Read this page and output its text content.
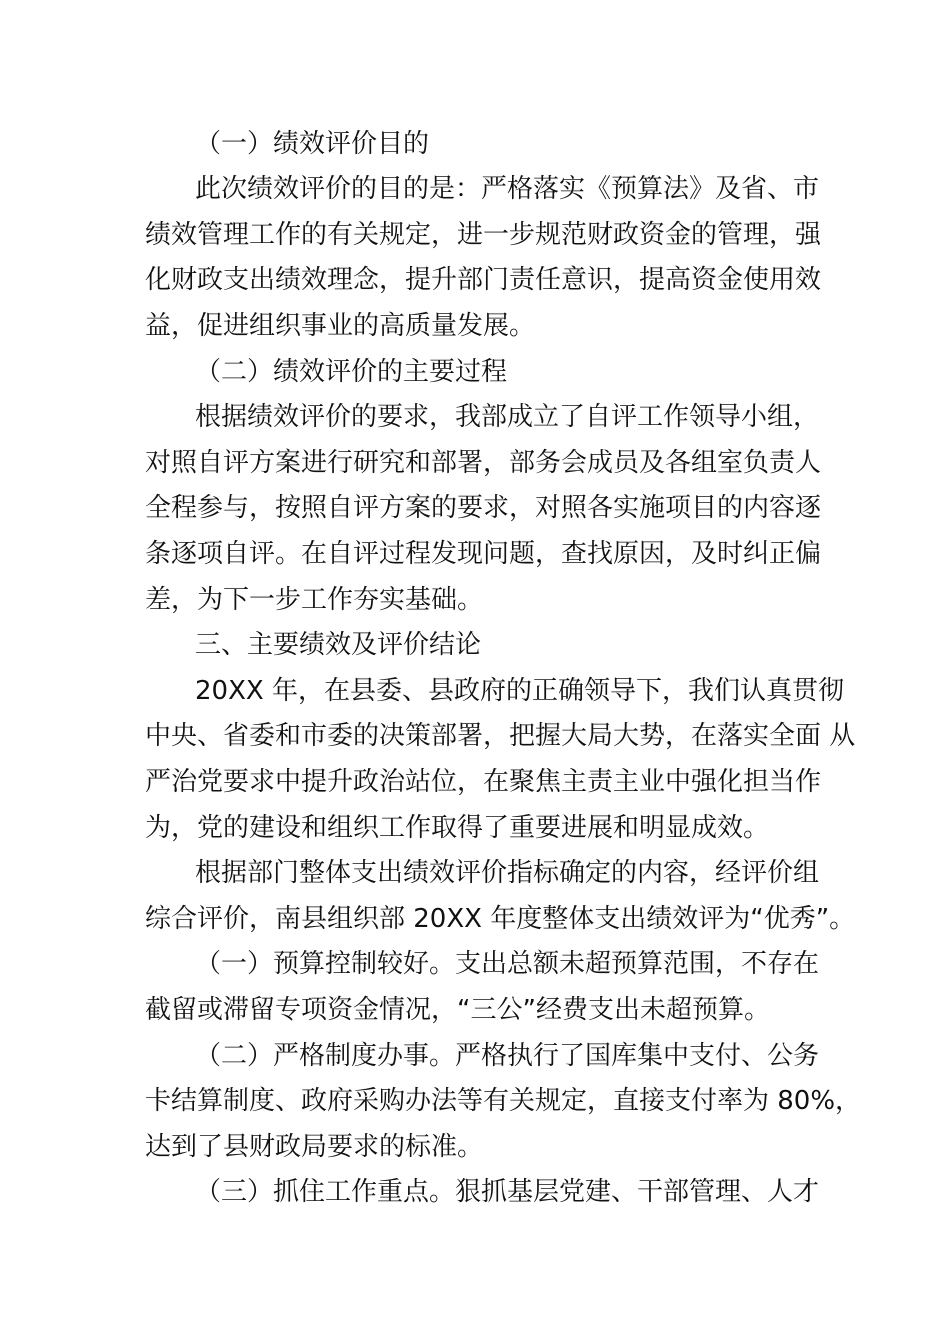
（一）绩效评价目的
此次绩效评价的目的是：严格落实《预算法》及省、市
绩效管理工作的有关规定，进一步规范财政资金的管理，强
化财政支出绩效理念，提升部门责任意识，提高资金使用效
益，促进组织事业的高质量发展。
（二）绩效评价的主要过程
根据绩效评价的要求，我部成立了自评工作领导小组，
对照自评方案进行研究和部署，部务会成员及各组室负责人
全程参与，按照自评方案的要求，对照各实施项目的内容逐
条逐项自评。在自评过程发现问题，查找原因，及时纠正偏
差，为下一步工作夯实基础。
三、主要绩效及评价结论
20XX 年，在县委、县政府的正确领导下，我们认真贯彻
中央、省委和市委的决策部署，把握大局大势，在落实全面 从
严治党要求中提升政治站位，在聚焦主责主业中强化担当作
为，党的建设和组织工作取得了重要进展和明显成效。
根据部门整体支出绩效评价指标确定的内容，经评价组
综合评价，南县组织部 20XX 年度整体支出绩效评为“优秀”。
（一）预算控制较好。支出总额未超预算范围，不存在
截留或滞留专项资金情况，“三公”经费支出未超预算。
（二）严格制度办事。严格执行了国库集中支付、公务
卡结算制度、政府采购办法等有关规定，直接支付率为 80%，
达到了县财政局要求的标准。
（三）抓住工作重点。狠抓基层党建、干部管理、人才
